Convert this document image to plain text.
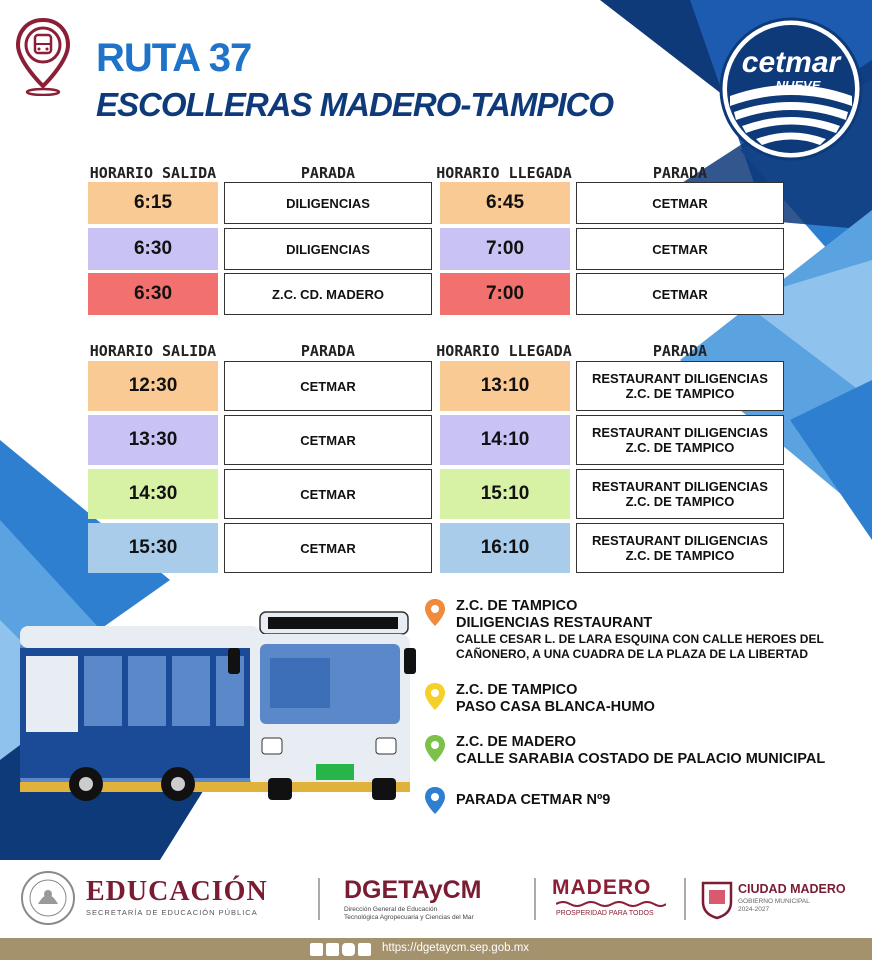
RUTA 37
ESCOLLERAS MADERO-TAMPICO
cetmar
NUEVE
HORARIO SALIDA	PARADA	HORARIO LLEGADA	PARADA
6:15	DILIGENCIAS	6:45	CETMAR
6:30	DILIGENCIAS	7:00	CETMAR
6:30	Z.C. CD. MADERO	7:00	CETMAR
HORARIO SALIDA	PARADA	HORARIO LLEGADA	PARADA
12:30	CETMAR	13:10	RESTAURANT DILIGENCIAS
Z.C. DE TAMPICO
13:30	CETMAR	14:10	RESTAURANT DILIGENCIAS
Z.C. DE TAMPICO
14:30	CETMAR	15:10	RESTAURANT DILIGENCIAS
Z.C. DE TAMPICO
15:30	CETMAR	16:10	RESTAURANT DILIGENCIAS
Z.C. DE TAMPICO
Z.C. DE TAMPICO
DILIGENCIAS RESTAURANT
CALLE CESAR L. DE LARA ESQUINA CON CALLE HEROES DEL
CAÑONERO, A UNA CUADRA DE LA PLAZA DE LA LIBERTAD
Z.C. DE TAMPICO
PASO CASA BLANCA-HUMO
Z.C. DE MADERO
CALLE SARABIA COSTADO DE PALACIO MUNICIPAL
PARADA CETMAR Nº9
EDUCACIÓN
SECRETARÍA DE EDUCACIÓN PÚBLICA
DGETAyCM
Dirección General de Educación
Tecnológica Agropecuaria y Ciencias del Mar
MADERO
PROSPERIDAD PARA TODOS
CIUDAD MADERO
GOBIERNO MUNICIPAL
2024-2027
https://dgetaycm.sep.gob.mx
